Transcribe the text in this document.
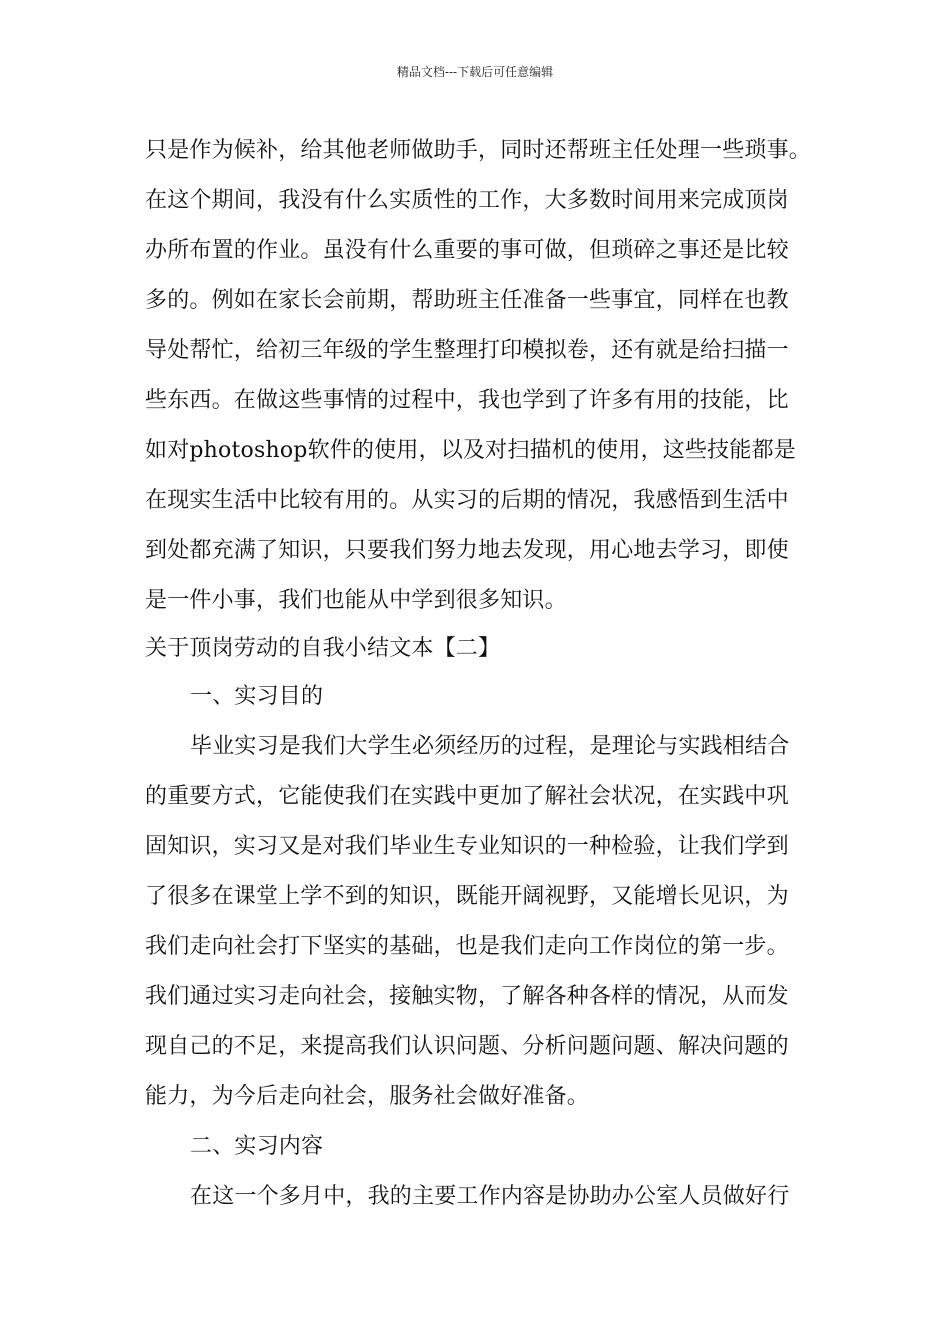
精品文档---下载后可任意编辑
只是作为候补，给其他老师做助手，同时还帮班主任处理一些琐事。
在这个期间，我没有什么实质性的工作，大多数时间用来完成顶岗
办所布置的作业。虽没有什么重要的事可做，但琐碎之事还是比较
多的。例如在家长会前期，帮助班主任准备一些事宜，同样在也教
导处帮忙，给初三年级的学生整理打印模拟卷，还有就是给扫描一
些东西。在做这些事情的过程中，我也学到了许多有用的技能，比
如对photoshop软件的使用，以及对扫描机的使用，这些技能都是
在现实生活中比较有用的。从实习的后期的情况，我感悟到生活中
到处都充满了知识，只要我们努力地去发现，用心地去学习，即使
是一件小事，我们也能从中学到很多知识。
关于顶岗劳动的自我小结文本【二】
一、实习目的
毕业实习是我们大学生必须经历的过程，是理论与实践相结合
的重要方式，它能使我们在实践中更加了解社会状况，在实践中巩
固知识，实习又是对我们毕业生专业知识的一种检验，让我们学到
了很多在课堂上学不到的知识，既能开阔视野，又能增长见识，为
我们走向社会打下坚实的基础，也是我们走向工作岗位的第一步。
我们通过实习走向社会，接触实物，了解各种各样的情况，从而发
现自己的不足，来提高我们认识问题、分析问题问题、解决问题的
能力，为今后走向社会，服务社会做好准备。
二、实习内容
在这一个多月中，我的主要工作内容是协助办公室人员做好行
